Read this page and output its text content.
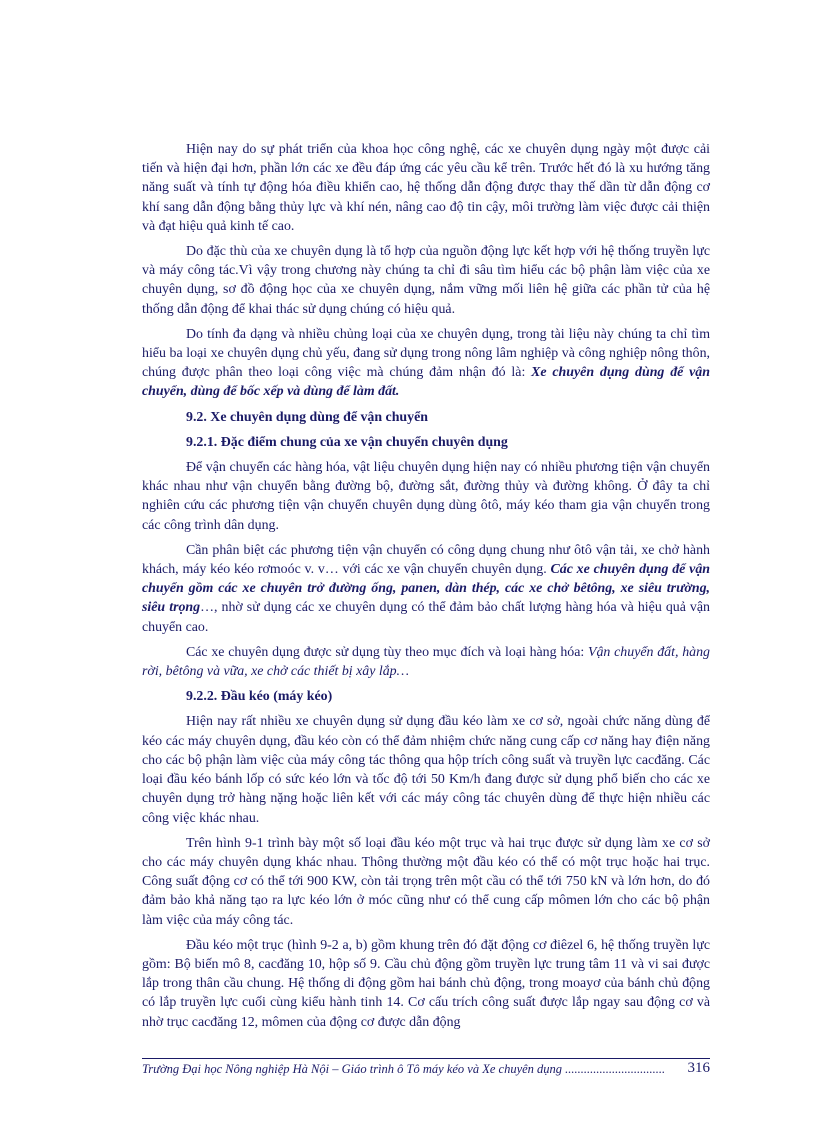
Hiện nay do sự phát triển của khoa học công nghệ, các xe chuyên dụng ngày một được cải tiến và hiện đại hơn, phần lớn các xe đều đáp ứng các yêu cầu kể trên. Trước hết đó là xu hướng tăng năng suất và tính tự động hóa điều khiển cao, hệ thống dẫn động được thay thế dần từ dẫn động cơ khí sang dẫn động bằng thủy lực và khí nén, nâng cao độ tin cậy, môi trường làm việc được cải thiện và đạt hiệu quả kinh tế cao.

Do đặc thù của xe chuyên dụng là tổ hợp của nguồn động lực kết hợp với hệ thống truyền lực và máy công tác.Vì vậy trong chương này chúng ta chỉ đi sâu tìm hiểu các bộ phận làm việc của xe chuyên dụng, sơ đồ động học của xe chuyên dụng, nắm vững mối liên hệ giữa các phần tử của hệ thống dẫn động để khai thác sử dụng chúng có hiệu quả.

Do tính đa dạng và nhiều chủng loại của xe chuyên dụng, trong tài liệu này chúng ta chỉ tìm hiểu ba loại xe chuyên dụng chủ yếu, đang sử dụng trong nông lâm nghiệp và công nghiệp nông thôn, chúng được phân theo loại công việc mà chúng đảm nhận đó là: Xe chuyên dụng dùng để vận chuyển, dùng để bốc xếp và dùng để làm đất.

9.2. Xe chuyên dụng dùng để vận chuyển
9.2.1. Đặc điểm chung của xe vận chuyển chuyên dụng

Để vận chuyển các hàng hóa, vật liệu chuyên dụng hiện nay có nhiều phương tiện vận chuyển khác nhau như vận chuyển bằng đường bộ, đường sắt, đường thủy và đường không. Ở đây ta chỉ nghiên cứu các phương tiện vận chuyển chuyên dụng dùng ôtô, máy kéo tham gia vận chuyển trong các công trình dân dụng.

Cần phân biệt các phương tiện vận chuyển có công dụng chung như ôtô vận tải, xe chở hành khách, máy kéo kéo rơmoóc v. v… với các xe vận chuyển chuyên dụng. Các xe chuyên dụng để vận chuyển gồm các xe chuyên trở đường ống, panen, dàn thép, các xe chở bêtông, xe siêu trường, siêu trọng…, nhờ sử dụng các xe chuyên dụng có thể đảm bảo chất lượng hàng hóa và hiệu quả vận chuyển cao.

Các xe chuyên dụng được sử dụng tùy theo mục đích và loại hàng hóa: Vận chuyển đất, hàng rời, bêtông và vữa, xe chở các thiết bị xây lắp…

9.2.2. Đầu kéo (máy kéo)

Hiện nay rất nhiều xe chuyên dụng sử dụng đầu kéo làm xe cơ sở, ngoài chức năng dùng để kéo các máy chuyên dụng, đầu kéo còn có thể đảm nhiệm chức năng cung cấp cơ năng hay điện năng cho các bộ phận làm việc của máy công tác thông qua hộp trích công suất và truyền lực cacđăng. Các loại đầu kéo bánh lốp có sức kéo lớn và tốc độ tới 50 Km/h đang được sử dụng phổ biến cho các xe chuyên dụng trở hàng nặng hoặc liên kết với các máy công tác chuyên dùng để thực hiện nhiều các công việc khác nhau.

Trên hình 9-1 trình bày một số loại đầu kéo một trục và hai trục được sử dụng làm xe cơ sở cho các máy chuyên dụng khác nhau. Thông thường một đầu kéo có thể có một trục hoặc hai trục. Công suất động cơ có thể tới 900 KW, còn tải trọng trên một cầu có thể tới 750 kN và lớn hơn, do đó đảm bảo khả năng tạo ra lực kéo lớn ở móc cũng như có thể cung cấp mômen lớn cho các bộ phận làm việc của máy công tác.

Đầu kéo một trục (hình 9-2 a, b) gồm khung trên đó đặt động cơ điêzel 6, hệ thống truyền lực gồm: Bộ biến mô 8, cacđăng 10, hộp số 9. Cầu chủ động gồm truyền lực trung tâm 11 và vi sai được lắp trong thân cầu chung. Hệ thống di động gồm hai bánh chủ động, trong moayơ của bánh chủ động có lắp truyền lực cuối cùng kiểu hành tinh 14. Cơ cấu trích công suất được lắp ngay sau động cơ và nhờ trục cacđăng 12, mômen của động cơ được dẫn động

Trường Đại học Nông nghiệp Hà Nội – Giáo trình ô Tô máy kéo và Xe chuyên dụng ................................ 316
